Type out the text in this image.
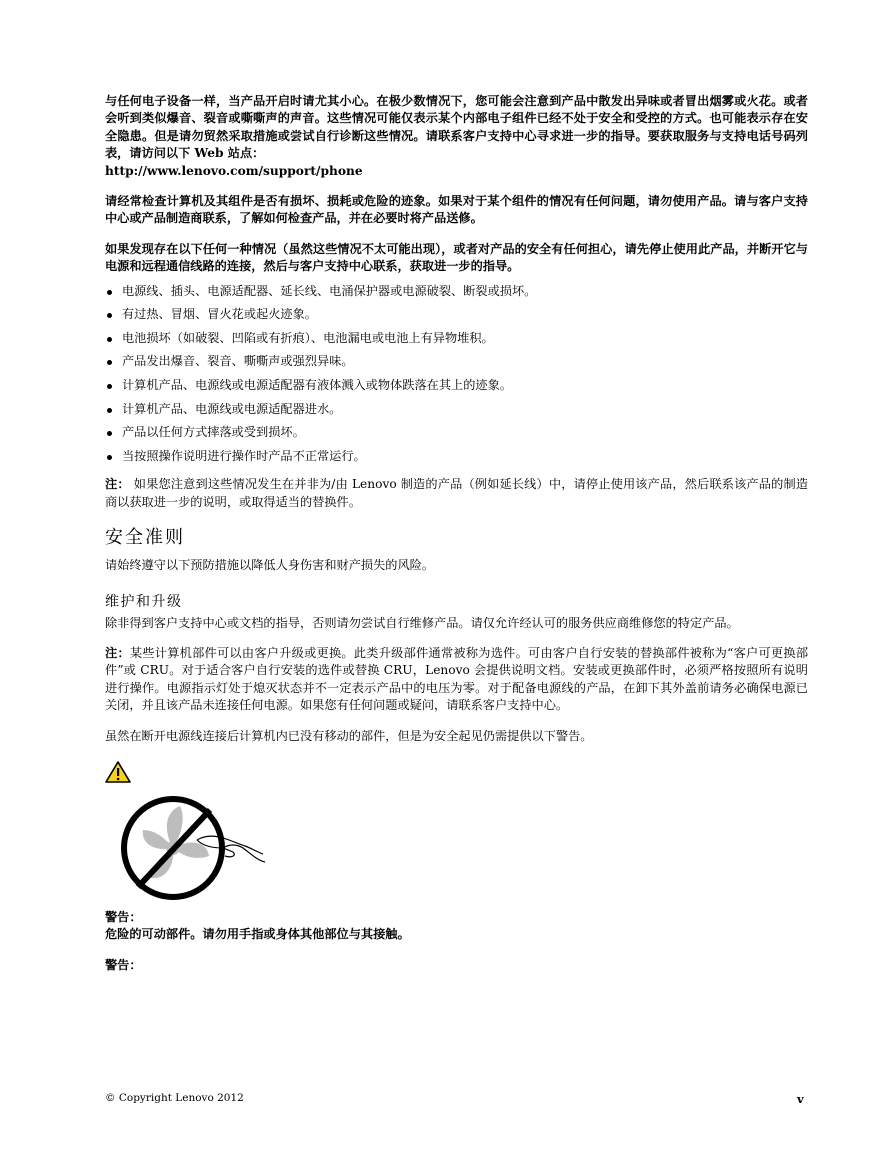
与任何电子设备一样，当产品开启时请尤其小心。在极少数情况下，您可能会注意到产品中散发出异味或者冒出烟雾或火花。或者会听到类似爆音、裂音或嘶嘶声的声音。这些情况可能仅表示某个内部电子组件已经不处于安全和受控的方式。也可能表示存在安全隐患。但是请勿贸然采取措施或尝试自行诊断这些情况。请联系客户支持中心寻求进一步的指导。要获取服务与支持电话号码列表，请访问以下 Web 站点：
http://www.lenovo.com/support/phone

请经常检查计算机及其组件是否有损坏、损耗或危险的迹象。如果对于某个组件的情况有任何问题，请勿使用产品。请与客户支持中心或产品制造商联系，了解如何检查产品，并在必要时将产品送修。

如果发现存在以下任何一种情况（虽然这些情况不太可能出现），或者对产品的安全有任何担心，请先停止使用此产品，并断开它与电源和远程通信线路的连接，然后与客户支持中心联系，获取进一步的指导。

电源线、插头、电源适配器、延长线、电涌保护器或电源破裂、断裂或损坏。
有过热、冒烟、冒火花或起火迹象。
电池损坏（如破裂、凹陷或有折痕）、电池漏电或电池上有异物堆积。
产品发出爆音、裂音、嘶嘶声或强烈异味。
计算机产品、电源线或电源适配器有液体溅入或物体跌落在其上的迹象。
计算机产品、电源线或电源适配器进水。
产品以任何方式摔落或受到损坏。
当按照操作说明进行操作时产品不正常运行。

注： 如果您注意到这些情况发生在并非为/由 Lenovo 制造的产品（例如延长线）中，请停止使用该产品，然后联系该产品的制造商以获取进一步的说明，或取得适当的替换件。

安全准则

请始终遵守以下预防措施以降低人身伤害和财产损失的风险。

维护和升级

除非得到客户支持中心或文档的指导，否则请勿尝试自行维修产品。请仅允许经认可的服务供应商维修您的特定产品。

注：某些计算机部件可以由客户升级或更换。此类升级部件通常被称为选件。可由客户自行安装的替换部件被称为“客户可更换部件”或 CRU。对于适合客户自行安装的选件或替换 CRU，Lenovo 会提供说明文档。安装或更换部件时，必须严格按照所有说明进行操作。电源指示灯处于熄灭状态并不一定表示产品中的电压为零。对于配备电源线的产品，在卸下其外盖前请务必确保电源已关闭，并且该产品未连接任何电源。如果您有任何问题或疑问，请联系客户支持中心。

虽然在断开电源线连接后计算机内已没有移动的部件，但是为安全起见仍需提供以下警告。

警告：

危险的可动部件。请勿用手指或身体其他部位与其接触。

警告：

© Copyright Lenovo 2012	v
